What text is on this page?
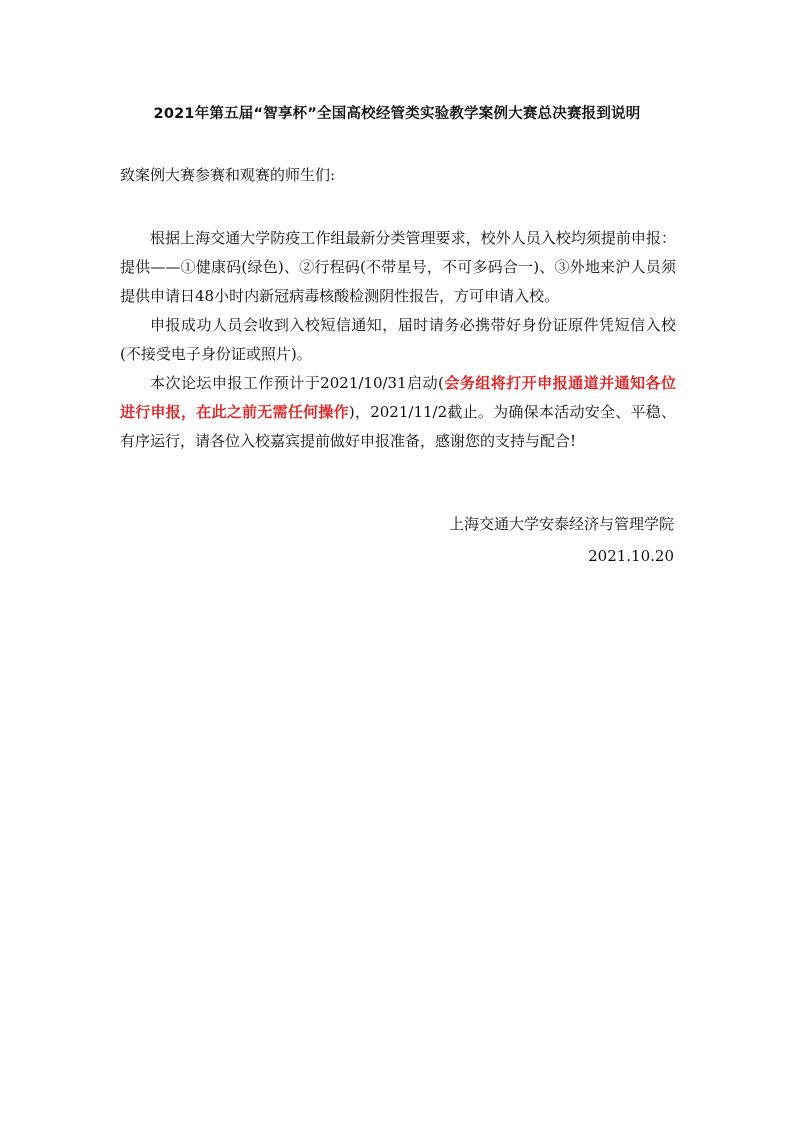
2021年第五届“智享杯”全国高校经管类实验教学案例大赛总决赛报到说明
致案例大赛参赛和观赛的师生们:

根据上海交通大学防疫工作组最新分类管理要求，校外人员入校均须提前申报：提供——①健康码(绿色)、②行程码(不带星号，不可多码合一)、③外地来沪人员须提供申请日48小时内新冠病毒核酸检测阴性报告，方可申请入校。

申报成功人员会收到入校短信通知，届时请务必携带好身份证原件凭短信入校(不接受电子身份证或照片)。

本次论坛申报工作预计于2021/10/31启动(会务组将打开申报通道并通知各位进行申报，在此之前无需任何操作)，2021/11/2截止。为确保本活动安全、平稳、有序运行，请各位入校嘉宾提前做好申报准备，感谢您的支持与配合!

上海交通大学安泰经济与管理学院
2021.10.20
